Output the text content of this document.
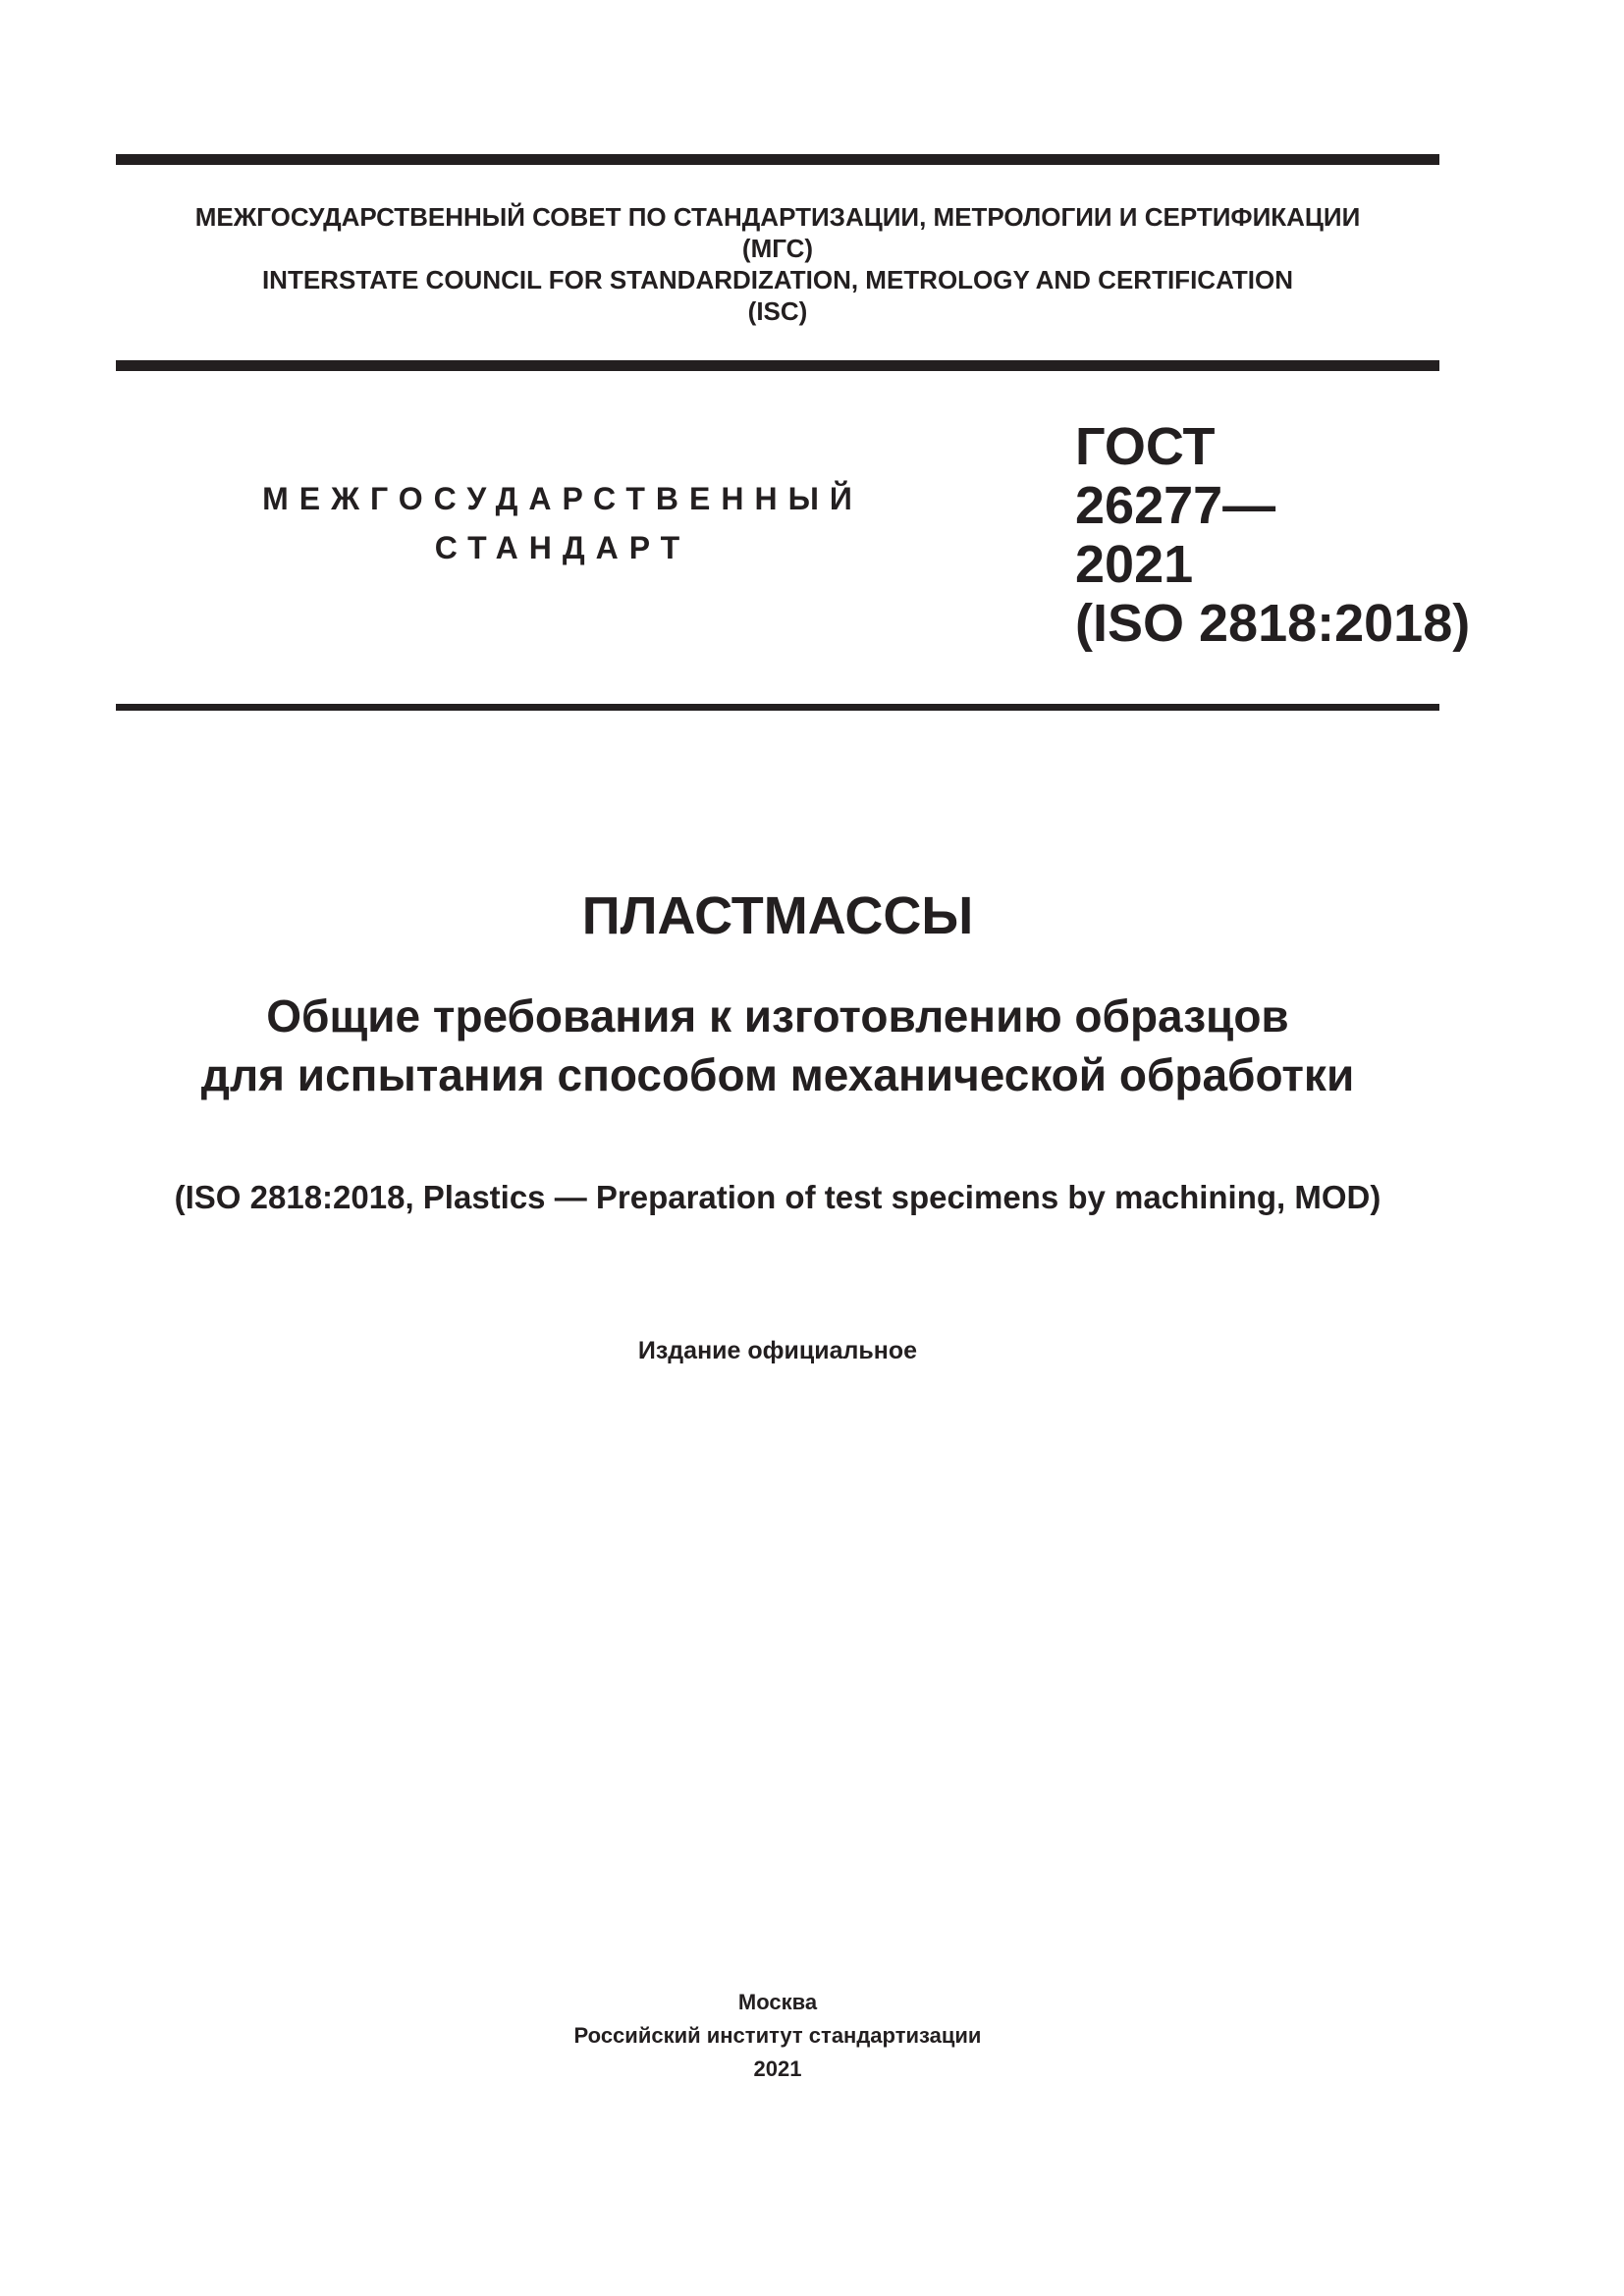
МЕЖГОСУДАРСТВЕННЫЙ СОВЕТ ПО СТАНДАРТИЗАЦИИ, МЕТРОЛОГИИ И СЕРТИФИКАЦИИ
(МГС)
INTERSTATE COUNCIL FOR STANDARDIZATION, METROLOGY AND CERTIFICATION
(ISC)
МЕЖГОСУДАРСТВЕННЫЙ
СТАНДАРТ
ГОСТ
26277—
2021
(ISO 2818:2018)
ПЛАСТМАССЫ
Общие требования к изготовлению образцов
для испытания способом механической обработки
(ISO 2818:2018, Plastics — Preparation of test specimens by machining, MOD)
Издание официальное
Москва
Российский институт стандартизации
2021
